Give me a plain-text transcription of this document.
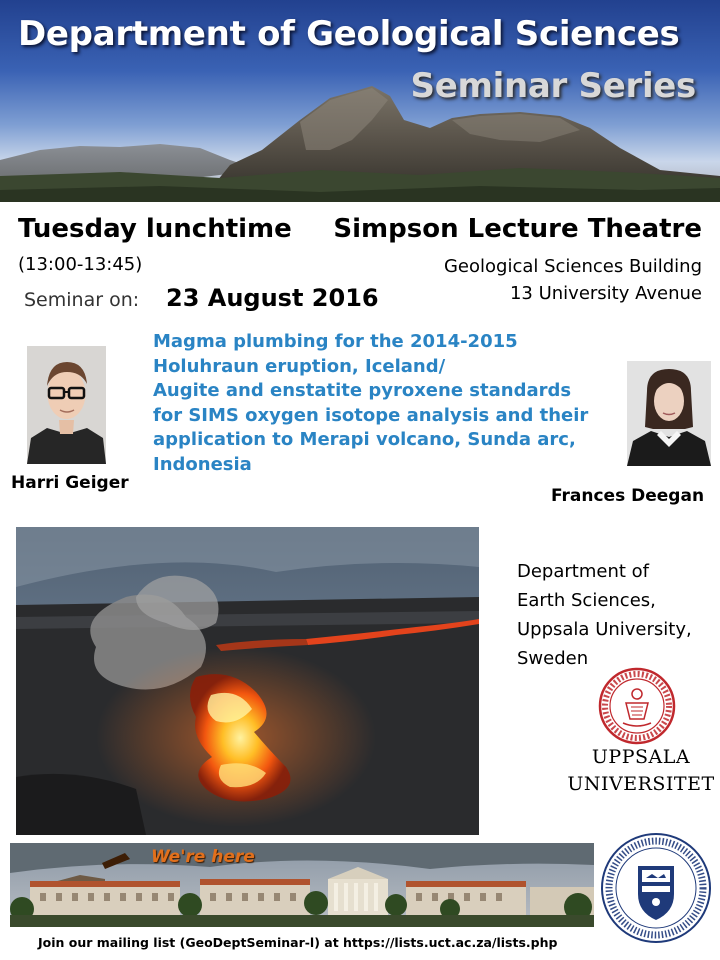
Department of Geological Sciences
Seminar Series
Tuesday lunchtime
(13:00-13:45)
Seminar on: 23 August 2016
Simpson Lecture Theatre
Geological Sciences Building
13 University Avenue
Magma plumbing for the 2014-2015
Holuhraun eruption, Iceland/
Augite and enstatite pyroxene standards
for SIMS oxygen isotope analysis and their
application to Merapi volcano, Sunda arc,
Indonesia
Harri Geiger
Frances Deegan
Department of
Earth Sciences,
Uppsala University,
Sweden
UPPSALA
UNIVERSITET
We're here
Join our mailing list (GeoDeptSeminar-l) at https://lists.uct.ac.za/lists.php
